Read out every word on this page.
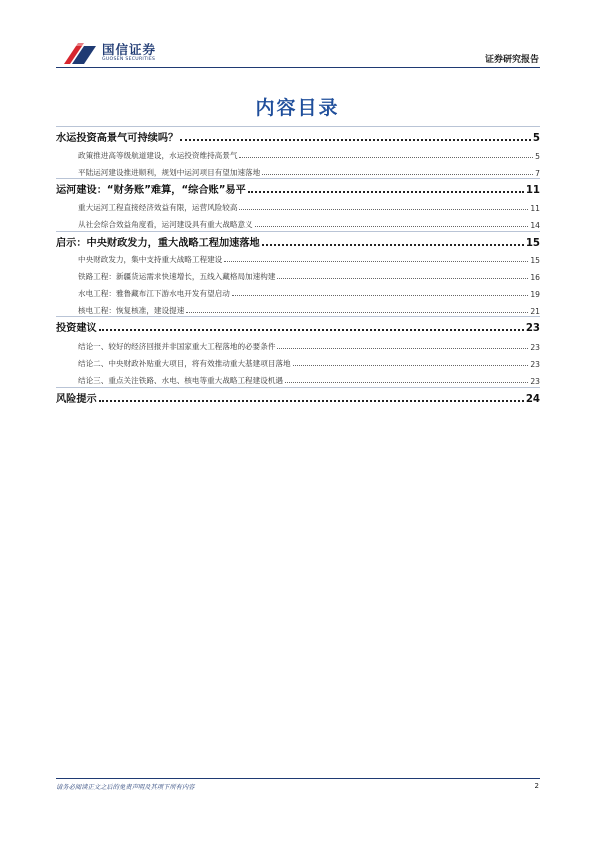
国信证券
GUOSEN SECURITIES	证券研究报告
内容目录
水运投资高景气可持续吗？	5
政策推进高等级航道建设，水运投资维持高景气	5
平陆运河建设推进顺利，规划中运河项目有望加速落地	7
运河建设：“财务账”难算，“综合账”易平	11
重大运河工程直接经济效益有限，运营风险较高	11
从社会综合效益角度看，运河建设具有重大战略意义	14
启示：中央财政发力，重大战略工程加速落地	15
中央财政发力，集中支持重大战略工程建设	15
铁路工程：新疆货运需求快速增长，五线入藏格局加速构建	16
水电工程：雅鲁藏布江下游水电开发有望启动	19
核电工程：恢复核准，建设提速	21
投资建议	23
结论一、较好的经济回报并非国家重大工程落地的必要条件	23
结论二、中央财政补贴重大项目，将有效推动重大基建项目落地	23
结论三、重点关注铁路、水电、核电等重大战略工程建设机遇	23
风险提示	24
请务必阅读正文之后的免责声明及其项下所有内容	2
